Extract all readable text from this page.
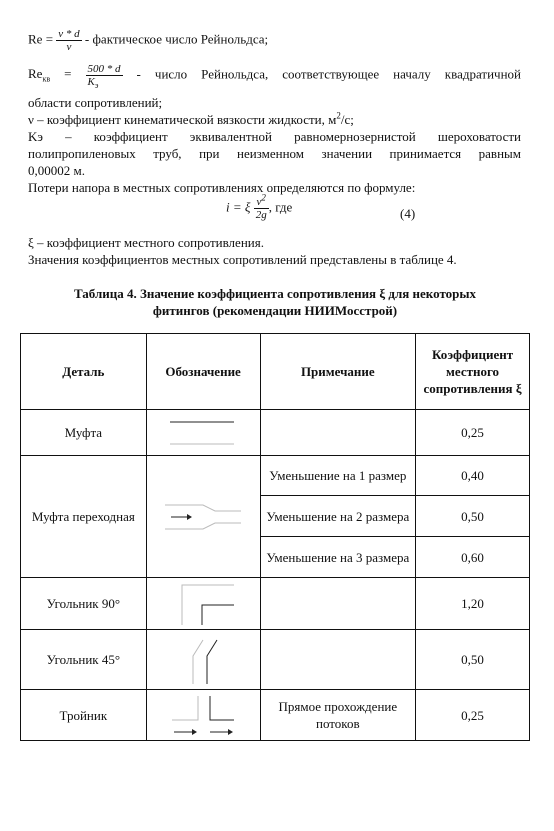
$Re = \frac{v * d}{\nu}$ - фактическое число Рейнольдса;
$Re_{кв} = \frac{500 * d}{K_э}$ - число Рейнольдса, соответствующее началу квадратичной
области сопротивлений;
ν – коэффициент кинематической вязкости жидкости, $м^2/с$;
Kэ – коэффициент эквивалентной равномернозернистой шероховатости
полипропиленовых труб, при неизменном значении принимается равным
0,00002 м.
Потери напора в местных сопротивлениях определяются по формуле:
i = ξ $\frac{v^2}{2g}$ , где	(4)
ξ – коэффициент местного сопротивления.
Значения коэффициентов местных сопротивлений представлены в таблице 4.
Таблица 4. Значение коэффициента сопротивления ξ для некоторых
фитингов (рекомендации НИИМосстрой)
Деталь	Обозначение	Примечание	Коэффициент местного сопротивления ξ
Муфта			0,25
Муфта переходная		Уменьшение на 1 размер	0,40
		Уменьшение на 2 размера	0,50
		Уменьшение на 3 размера	0,60
Угольник 90°			1,20
Угольник 45°			0,50
Тройник		Прямое прохождение потоков	0,25
